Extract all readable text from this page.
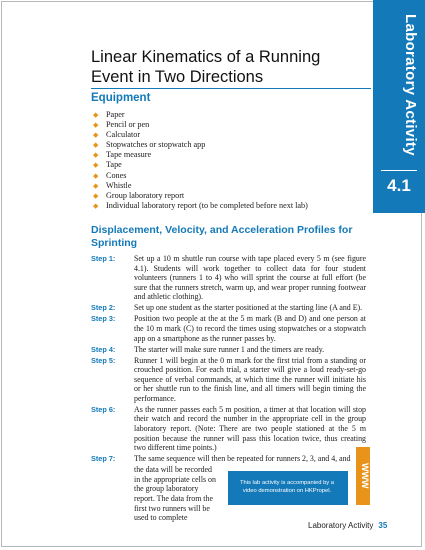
Laboratory Activity
4.1
Linear Kinematics of a Running Event in Two Directions
Equipment
◆ Paper
◆ Pencil or pen
◆ Calculator
◆ Stopwatches or stopwatch app
◆ Tape measure
◆ Tape
◆ Cones
◆ Whistle
◆ Group laboratory report
◆ Individual laboratory report (to be completed before next lab)
Displacement, Velocity, and Acceleration Profiles for Sprinting
Step 1: Set up a 10 m shuttle run course with tape placed every 5 m (see figure 4.1). Students will work together to collect data for four student volunteers (runners 1 to 4) who will sprint the course at full effort (be sure that the runners stretch, warm up, and wear proper running footwear and athletic clothing).
Step 2: Set up one student as the starter positioned at the starting line (A and E).
Step 3: Position two people at the at the 5 m mark (B and D) and one person at the 10 m mark (C) to record the times using stopwatches or a stopwatch app on a smartphone as the runner passes by.
Step 4: The starter will make sure runner 1 and the timers are ready.
Step 5: Runner 1 will begin at the 0 m mark for the first trial from a standing or crouched position. For each trial, a starter will give a loud ready-set-go sequence of verbal commands, at which time the runner will initiate his or her shuttle run to the finish line, and all timers will begin timing the performance.
Step 6: As the runner passes each 5 m position, a timer at that location will stop their watch and record the number in the appropriate cell in the group laboratory report. (Note: There are two people stationed at the 5 m position because the runner will pass this location twice, thus creating two different time points.)
Step 7: The same sequence will then be repeated for runners 2, 3, and 4, and
the data will be recorded in the appropriate cells on the group laboratory report. The data from the first two runners will be used to complete
This lab activity is accompanied by a video demonstration on HKPropel.
WWW
Laboratory Activity 35
